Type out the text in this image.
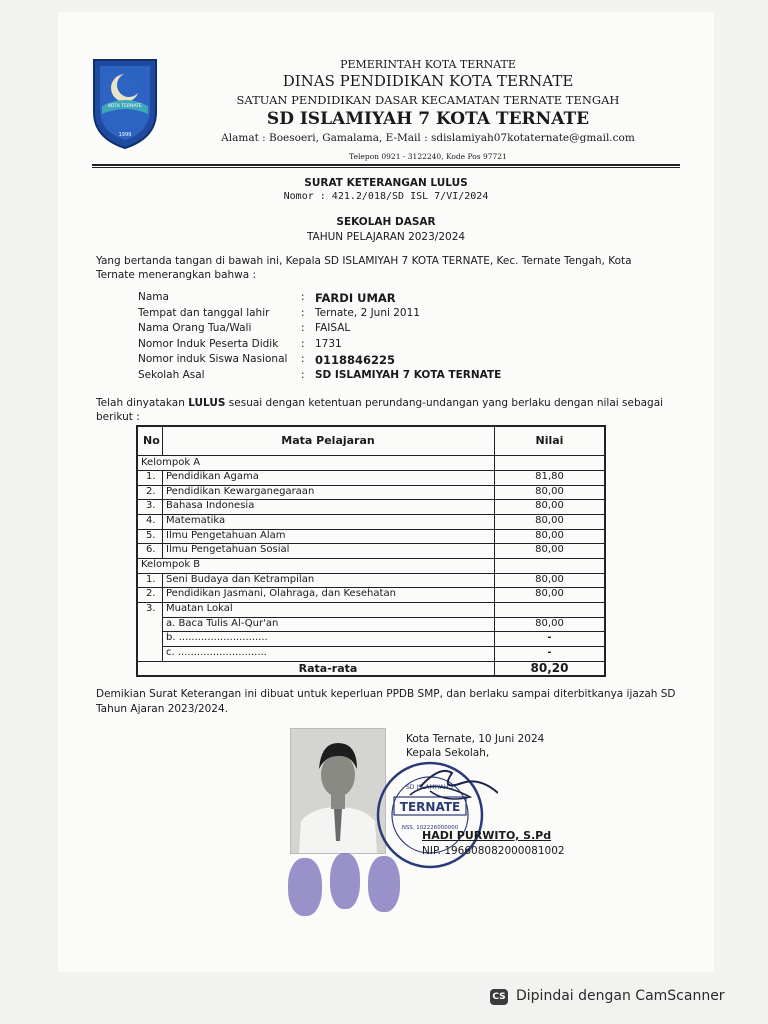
KOTA TERNATE
1999
PEMERINTAH KOTA TERNATE
DINAS PENDIDIKAN KOTA TERNATE
SATUAN PENDIDIKAN DASAR KECAMATAN TERNATE TENGAH
SD ISLAMIYAH 7 KOTA TERNATE
Alamat : Boesoeri, Gamalama, E-Mail : sdislamiyah07kotaternate@gmail.com
Telepon 0921 - 3122240, Kode Pos 97721
SURAT KETERANGAN LULUS
Nomor : 421.2/018/SD ISL 7/VI/2024
SEKOLAH DASAR
TAHUN PELAJARAN 2023/2024
Yang bertanda tangan di bawah ini, Kepala SD ISLAMIYAH 7 KOTA TERNATE, Kec. Ternate Tengah, Kota
Ternate menerangkan bahwa :
Nama	: FARDI UMAR
Tempat dan tanggal lahir	: Ternate, 2 Juni 2011
Nama Orang Tua/Wali	: FAISAL
Nomor Induk Peserta Didik	: 1731
Nomor induk Siswa Nasional	: 0118846225
Sekolah Asal	: SD ISLAMIYAH 7 KOTA TERNATE
Telah dinyatakan LULUS sesuai dengan ketentuan perundang-undangan yang berlaku dengan nilai sebagai
berikut :
No	Mata Pelajaran	Nilai
Kelompok A
1. Pendidikan Agama	81,80
2. Pendidikan Kewarganegaraan	80,00
3. Bahasa Indonesia	80,00
4. Matematika	80,00
5. Ilmu Pengetahuan Alam	80,00
6. Ilmu Pengetahuan Sosial	80,00
Kelompok B
1. Seni Budaya dan Ketrampilan	80,00
2. Pendidikan Jasmani, Olahraga, dan Kesehatan	80,00
3. Muatan Lokal
a. Baca Tulis Al-Qur'an	80,00
b. ............................	-
c. ............................	-
Rata-rata	80,20
Demikian Surat Keterangan ini dibuat untuk keperluan PPDB SMP, dan berlaku sampai diterbitkanya ijazah SD
Tahun Ajaran 2023/2024.
Kota Ternate, 10 Juni 2024
Kepala Sekolah,
SD ISLAMIYAH 7
TERNATE
NSS. 102226000000
HADI PURWITO, S.Pd
NIP. 196608082000081002
CS Dipindai dengan CamScanner
